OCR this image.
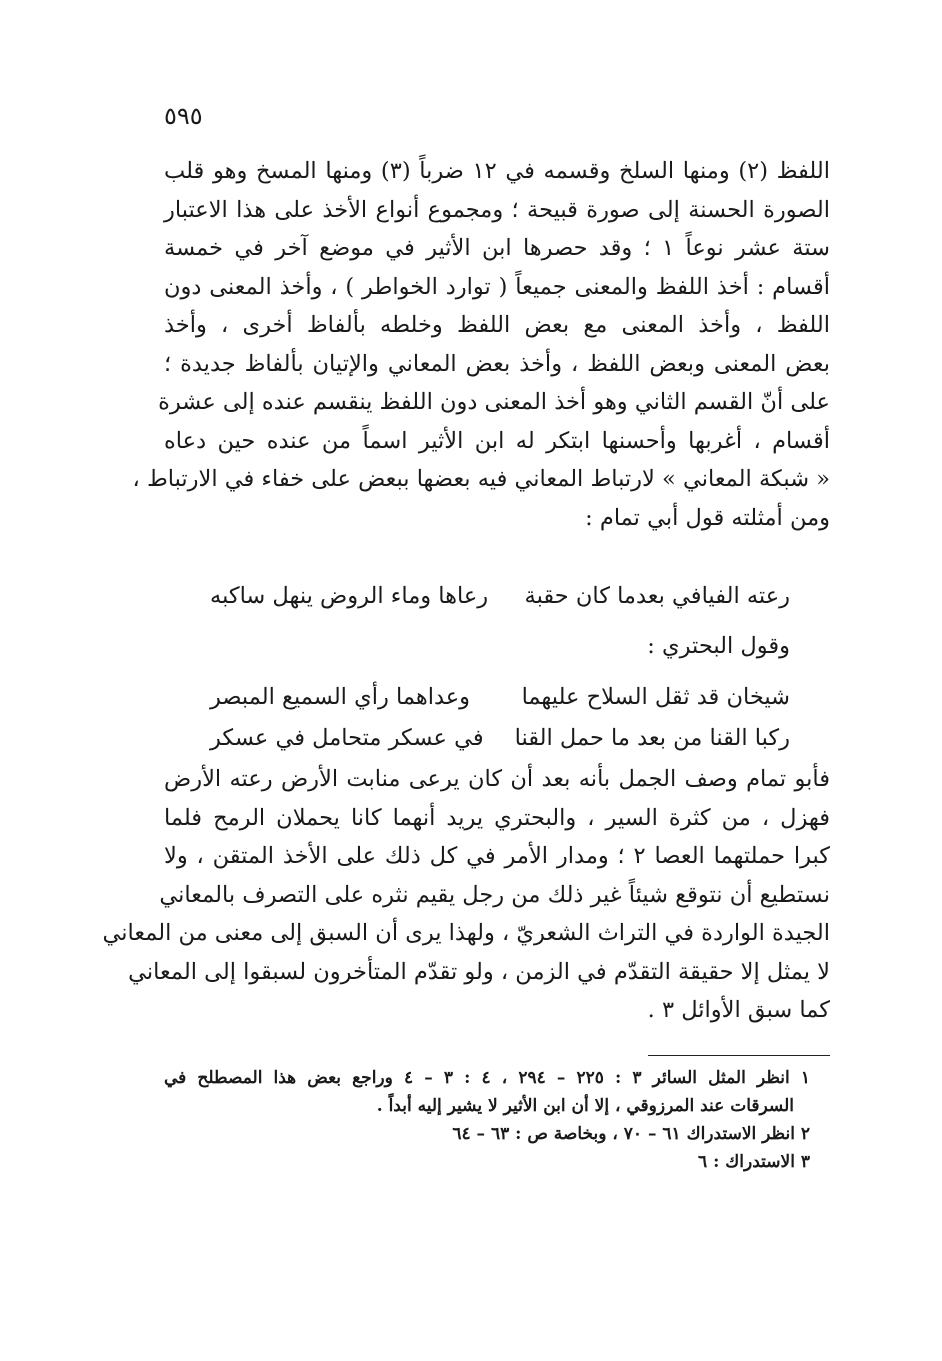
٥٩٥
اللفظ (٢) ومنها السلخ وقسمه في ١٢ ضرباً (٣) ومنها المسخ وهو قلب
الصورة الحسنة إلى صورة قبيحة ؛ ومجموع أنواع الأخذ على هذا الاعتبار
ستة عشر نوعاً ١ ؛ وقد حصرها ابن الأثير في موضع آخر في خمسة
أقسام : أخذ اللفظ والمعنى جميعاً ( توارد الخواطر ) ، وأخذ المعنى دون
اللفظ ، وأخذ المعنى مع بعض اللفظ وخلطه بألفاظ أخرى ، وأخذ
بعض المعنى وبعض اللفظ ، وأخذ بعض المعاني والإتيان بألفاظ جديدة ؛
على أنّ القسم الثاني وهو أخذ المعنى دون اللفظ ينقسم عنده إلى عشرة
أقسام ، أغربها وأحسنها ابتكر له ابن الأثير اسماً من عنده حين دعاه
« شبكة المعاني » لارتباط المعاني فيه بعضها ببعض على خفاء في الارتباط ،
ومن أمثلته قول أبي تمام :
رعته الفيافي بعدما كان حقبة
رعاها وماء الروض ينهل ساكبه
وقول البحتري :
شيخان قد ثقل السلاح عليهما
وعداهما رأي السميع المبصر
ركبا القنا من بعد ما حمل القنا
في عسكر متحامل في عسكر
فأبو تمام وصف الجمل بأنه بعد أن كان يرعى منابت الأرض رعته الأرض
فهزل ، من كثرة السير ، والبحتري يريد أنهما كانا يحملان الرمح فلما
كبرا حملتهما العصا ٢ ؛ ومدار الأمر في كل ذلك على الأخذ المتقن ، ولا
نستطيع أن نتوقع شيئاً غير ذلك من رجل يقيم نثره على التصرف بالمعاني
الجيدة الواردة في التراث الشعريّ ، ولهذا يرى أن السبق إلى معنى من المعاني
لا يمثل إلا حقيقة التقدّم في الزمن ، ولو تقدّم المتأخرون لسبقوا إلى المعاني
كما سبق الأوائل ٣ .
١ انظر المثل السائر ٣ : ٢٢٥ – ٢٩٤ ، ٤ : ٣ – ٤ وراجع بعض هذا المصطلح في
السرقات عند المرزوقي ، إلا أن ابن الأثير لا يشير إليه أبداً .
٢ انظر الاستدراك ٦١ – ٧٠ ، وبخاصة ص : ٦٣ – ٦٤
٣ الاستدراك : ٦
